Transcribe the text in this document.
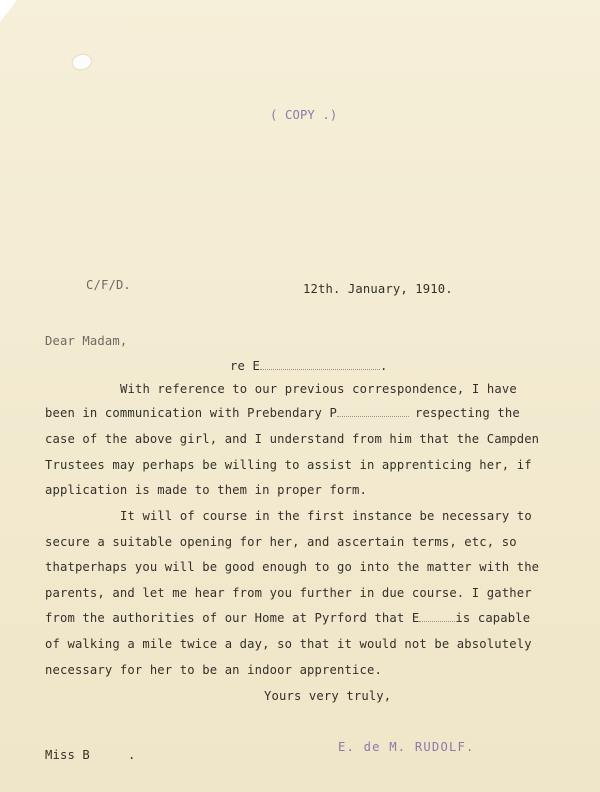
( COPY .)
C/F/D.	12th. January, 1910.
Dear Madam,
re E	.
With reference to our previous correspondence, I have
been in communication with Prebendary P	respecting the
case of the above girl, and I understand from him that the Campden
Trustees may perhaps be willing to assist in apprenticing her, if
application is made to them in proper form.
It will of course in the first instance be necessary to
secure a suitable opening for her, and ascertain terms, etc, so
thatperhaps you will be good enough to go into the matter with the
parents, and let me hear from you further in due course. I gather
from the authorities of our Home at Pyrford that E	is capable
of walking a mile twice a day, so that it would not be absolutely
necessary for her to be an indoor apprentice.
Yours very truly,
Miss B	.
E. de M. RUDOLF.
